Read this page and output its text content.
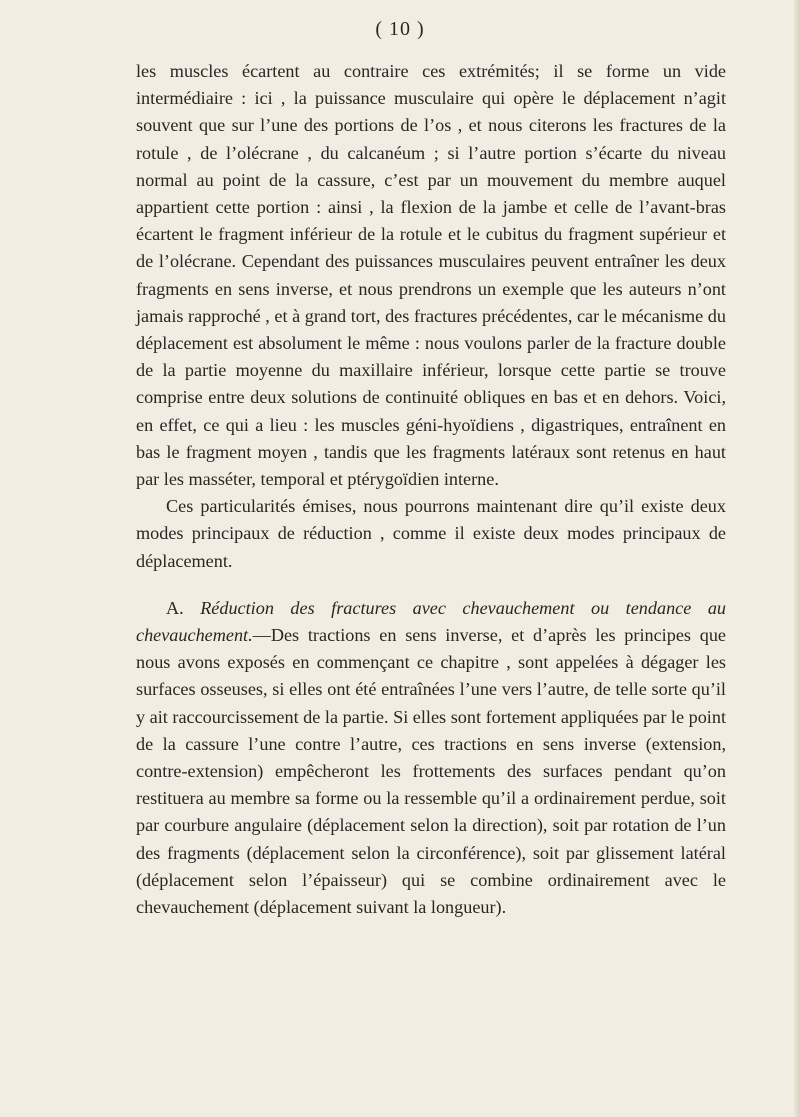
( 10 )

les muscles écartent au contraire ces extrémités; il se forme un vide intermédiaire : ici , la puissance musculaire qui opère le déplacement n’agit souvent que sur l’une des portions de l’os , et nous citerons les fractures de la rotule , de l’olécrane , du calcanéum ; si l’autre portion s’écarte du niveau normal au point de la cassure, c’est par un mouvement du membre auquel appartient cette portion : ainsi , la flexion de la jambe et celle de l’avant-bras écartent le fragment inférieur de la rotule et le cubitus du fragment supérieur et de l’olécrane. Cependant des puissances musculaires peuvent entraîner les deux fragments en sens inverse, et nous prendrons un exemple que les auteurs n’ont jamais rapproché , et à grand tort, des fractures précédentes, car le mécanisme du déplacement est absolument le même : nous voulons parler de la fracture double de la partie moyenne du maxillaire inférieur, lorsque cette partie se trouve comprise entre deux solutions de continuité obliques en bas et en dehors. Voici, en effet, ce qui a lieu : les muscles géni-hyoïdiens , digastriques, entraînent en bas le fragment moyen , tandis que les fragments latéraux sont retenus en haut par les masséter, temporal et ptérygoïdien interne.

Ces particularités émises, nous pourrons maintenant dire qu’il existe deux modes principaux de réduction , comme il existe deux modes principaux de déplacement.

A. Réduction des fractures avec chevauchement ou tendance au chevauchement.—Des tractions en sens inverse, et d’après les principes que nous avons exposés en commençant ce chapitre , sont appelées à dégager les surfaces osseuses, si elles ont été entraînées l’une vers l’autre, de telle sorte qu’il y ait raccourcissement de la partie. Si elles sont fortement appliquées par le point de la cassure l’une contre l’autre, ces tractions en sens inverse (extension, contre-extension) empêcheront les frottements des surfaces pendant qu’on restituera au membre sa forme ou la ressemble qu’il a ordinairement perdue, soit par courbure angulaire (déplacement selon la direction), soit par rotation de l’un des fragments (déplacement selon la circonférence), soit par glissement latéral (déplacement selon l’épaisseur) qui se combine ordinairement avec le chevauchement (déplacement suivant la longueur).
